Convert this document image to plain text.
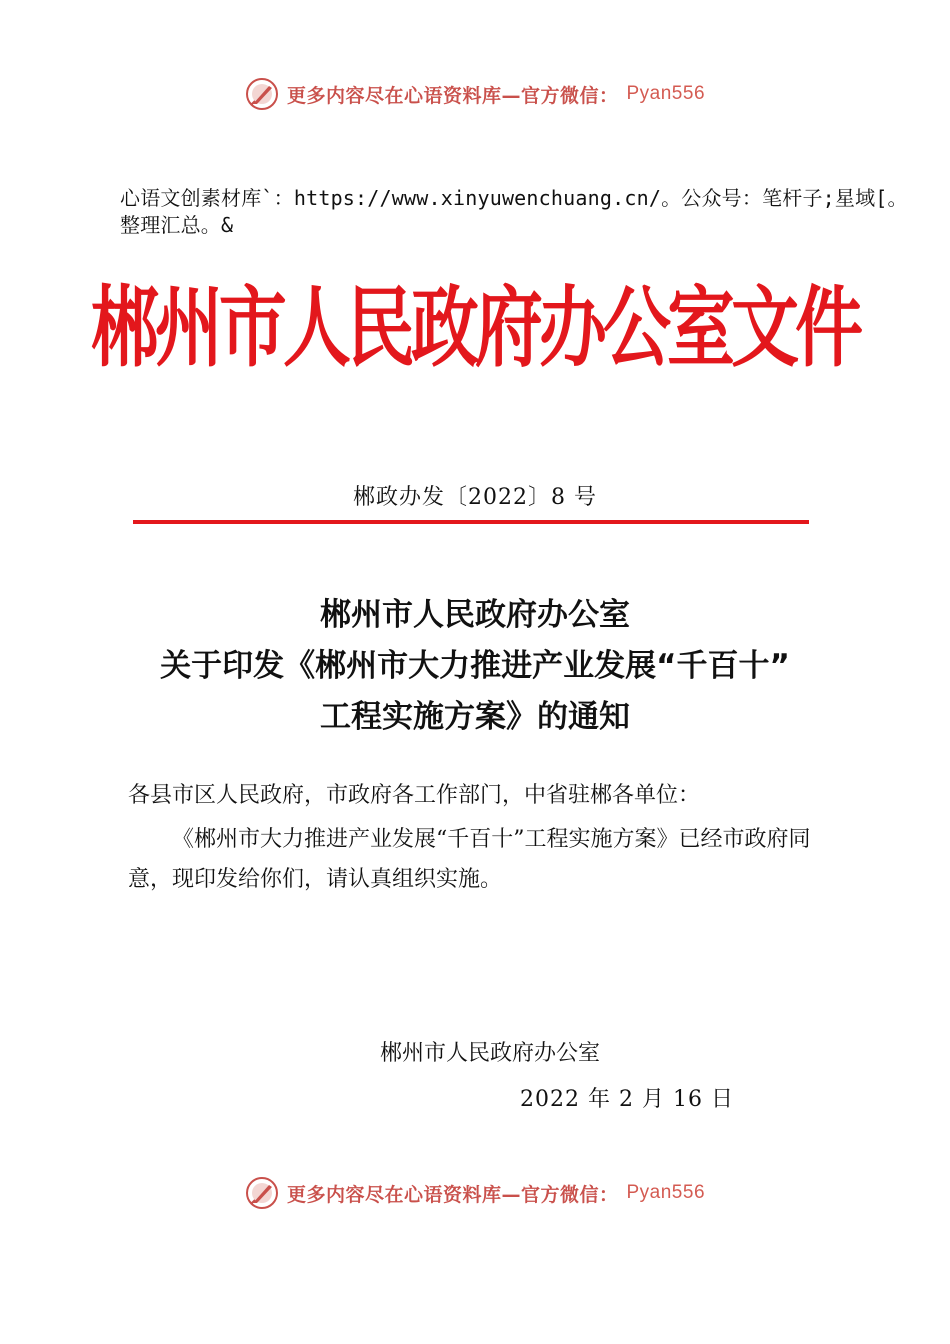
更多内容尽在心语资料库—官方微信： Pyan556
心语文创素材库`：https://www.xinyuwenchuang.cn/。公众号：笔杆子;星域[。整理汇总。&
郴州市人民政府办公室文件
郴政办发〔2022〕8 号
郴州市人民政府办公室
关于印发《郴州市大力推进产业发展“千百十”
工程实施方案》的通知
各县市区人民政府，市政府各工作部门，中省驻郴各单位：
《郴州市大力推进产业发展“千百十”工程实施方案》已经市政府同意，现印发给你们，请认真组织实施。
郴州市人民政府办公室
2022 年 2 月 16 日
更多内容尽在心语资料库—官方微信： Pyan556
